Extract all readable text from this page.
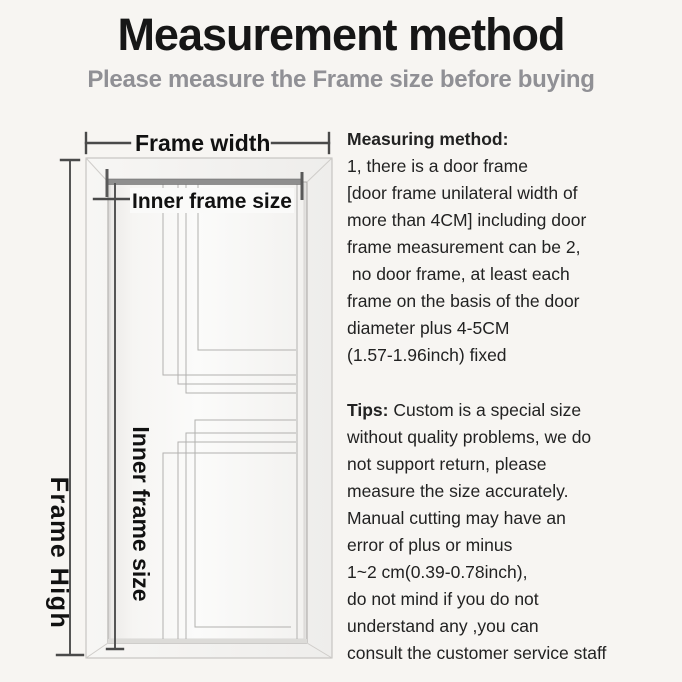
Measurement method
Please measure the Frame size before buying
Frame width
Frame High Inner frame size
Inner frame size
Measuring method:
1, there is a door frame
[door frame unilateral width of
more than 4CM] including door
frame measurement can be 2,
no door frame, at least each
frame on the basis of the door
diameter plus 4-5CM
(1.57-1.96inch) fixed
Tips: Custom is a special size
without quality problems, we do
not support return, please
measure the size accurately.
Manual cutting may have an
error of plus or minus
1~2 cm(0.39-0.78inch),
do not mind if you do not
understand any ,you can
consult the customer service staff
